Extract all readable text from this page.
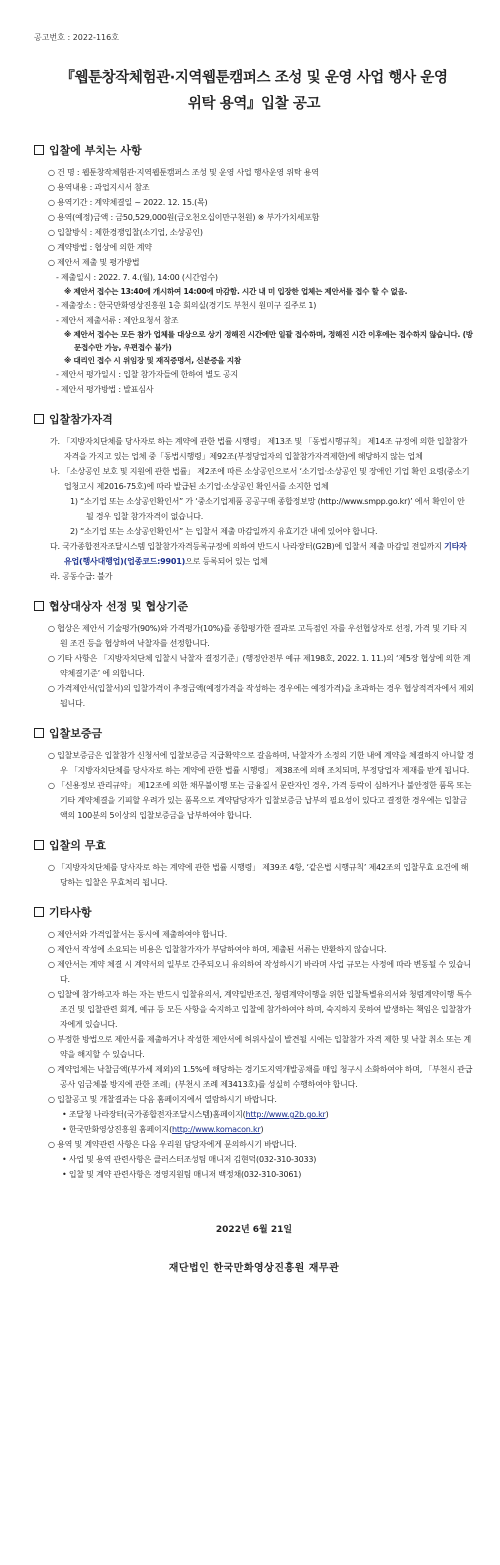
공고번호 : 2022-116호
『웹툰창작체험관·지역웹툰캠퍼스 조성 및 운영 사업 행사 운영
위탁 용역』입찰 공고
입찰에 부치는 사항

○ 건 명 : 웹툰창작체험관·지역웹툰캠퍼스 조성 및 운영 사업 행사운영 위탁 용역

○ 용역내용 : 과업지시서 참조

○ 용역기간 : 계약체결일 ~ 2022. 12. 15.(목)

○ 용역(예정)금액 : 금50,529,000원(금오천오십이만구천원) ※ 부가가치세포함

○ 입찰방식 : 제한경쟁입찰(소기업, 소상공인)

○ 계약방법 : 협상에 의한 계약

○ 제안서 제출 및 평가방법

- 제출일시 : 2022. 7. 4.(월), 14:00 (시간엄수)

※ 제안서 접수는 13:40에 개시하여 14:00에 마감함. 시간 내 미 입장한 업체는 제안서를 접수 할 수 없음.

- 제출장소 : 한국만화영상진흥원 1층 회의실(경기도 부천시 원미구 길주로 1)

- 제안서 제출서류 : 제안요청서 참조

※ 제안서 접수는 모든 참가 업체를 대상으로 상기 정해진 시간에만 일괄 접수하며, 정해진 시간 이후에는 접수하지 않습니다. (방문접수만 가능, 우편접수 불가)

※ 대리인 접수 시 위임장 및 재직증명서, 신분증을 지참

- 제안서 평가일시 : 입찰 참가자들에 한하여 별도 공지

- 제안서 평가방법 : 발표심사

입찰참가자격

가. 「지방자치단체를 당사자로 하는 계약에 관한 법률 시행령」 제13조 및 「동법시행규칙」 제14조 규정에 의한 입찰참가자격을 가지고 있는 업체 중「동법시행령」제92조(부정당업자의 입찰참가자격제한)에 해당하지 않는 업체

나. 「소상공인 보호 및 지원에 관한 법률」 제2조에 따른 소상공인으로서 ‘소기업·소상공인 및 장애인 기업 확인 요령(중소기업청고시 제2016-75호)에 따라 발급된 소기업·소상공인 확인서를 소지한 업체

1) “소기업 또는 소상공인확인서” 가 ‘중소기업제품 공공구매 종합정보망 (http://www.smpp.go.kr)’ 에서 확인이 안 될 경우 입찰 참가자격이 없습니다.

2) “소기업 또는 소상공인확인서” 는 입찰서 제출 마감일까지 유효기간 내에 있어야 합니다.

다. 국가종합전자조달시스템 입찰참가자격등록규정에 의하여 반드시 나라장터(G2B)에 입찰서 제출 마감일 전일까지 기타자유업(행사대행업)(업종코드:9901)으로 등록되어 있는 업체

라. 공동수급: 불가

협상대상자 선정 및 협상기준

○ 협상은 제안서 기술평가(90%)와 가격평가(10%)를 종합평가한 결과로 고득점인 자를 우선협상자로 선정, 가격 및 기타 지원 조건 등을 협상하여 낙찰자를 선정합니다.

○ 기타 사항은 「지방자치단체 입찰시 낙찰자 결정기준」(행정안전부 예규 제198호, 2022. 1. 11.)의 ‘제5장 협상에 의한 계약체결기준’ 에 의합니다.

○ 가격제안서(입찰서)의 입찰가격이 추정금액(예정가격을 작성하는 경우에는 예정가격)을 초과하는 경우 협상적격자에서 제외됩니다.

입찰보증금

○ 입찰보증금은 입찰참가 신청서에 입찰보증금 지급확약으로 갈음하며, 낙찰자가 소정의 기한 내에 계약을 체결하지 아니할 경우 「지방자치단체를 당사자로 하는 계약에 관한 법률 시행령」 제38조에 의해 조치되며, 부정당업자 제재를 받게 됩니다.

○ 「신용정보 관리규약」 제12조에 의한 채무불이행 또는 금융질서 문란자인 경우, 가격 등락이 심하거나 불안정한 품목 또는 기타 계약체결을 기피할 우려가 있는 품목으로 계약담당자가 입찰보증금 납부의 필요성이 있다고 결정한 경우에는 입찰금액의 100분의 5이상의 입찰보증금을 납부하여야 합니다.

입찰의 무효

○ 「지방자치단체를 당사자로 하는 계약에 관한 법률 시행령」 제39조 4항, ‘같은법 시행규칙’ 제42조의 입찰무효 요건에 해당하는 입찰은 무효처리 됩니다.

기타사항

○ 제안서와 가격입찰서는 동시에 제출하여야 합니다.

○ 제안서 작성에 소요되는 비용은 입찰참가자가 부담하여야 하며, 제출된 서류는 반환하지 않습니다.

○ 제안서는 계약 체결 시 계약서의 일부로 간주되오니 유의하여 작성하시기 바라며 사업 규모는 사정에 따라 변동될 수 있습니다.

○ 입찰에 참가하고자 하는 자는 반드시 입찰유의서, 계약일반조건, 청렴계약이행을 위한 입찰특별유의서와 청렴계약이행 특수조건 및 입찰관련 회계, 예규 등 모든 사항을 숙지하고 입찰에 참가하여야 하며, 숙지하지 못하여 발생하는 책임은 입찰참가자에게 있습니다.

○ 부정한 방법으로 제안서를 제출하거나 작성한 제안서에 허위사실이 발견될 시에는 입찰참가 자격 제한 및 낙찰 취소 또는 계약을 해지할 수 있습니다.

○ 계약업체는 낙찰금액(부가세 제외)의 1.5%에 해당하는 경기도지역개발공채를 매입 청구시 소화하여야 하며, 「부천시 관급공사 임금체불 방지에 관한 조례」(부천시 조례 제3413호)를 성실히 수행하여야 합니다.

○ 입찰공고 및 개찰결과는 다음 홈페이지에서 열람하시기 바랍니다.

• 조달청 나라장터(국가종합전자조달시스템)홈페이지(http://www.g2b.go.kr)

• 한국만화영상진흥원 홈페이지(http://www.komacon.kr)

○ 용역 및 계약관련 사항은 다음 우리원 담당자에게 문의하시기 바랍니다.

• 사업 및 용역 관련사항은 클러스터조성팀 매니저 김현덕(032-310-3033)

• 입찰 및 계약 관련사항은 경영지원팀 매니저 백정채(032-310-3061)

2022년 6월 21일
재단법인 한국만화영상진흥원 재무관
